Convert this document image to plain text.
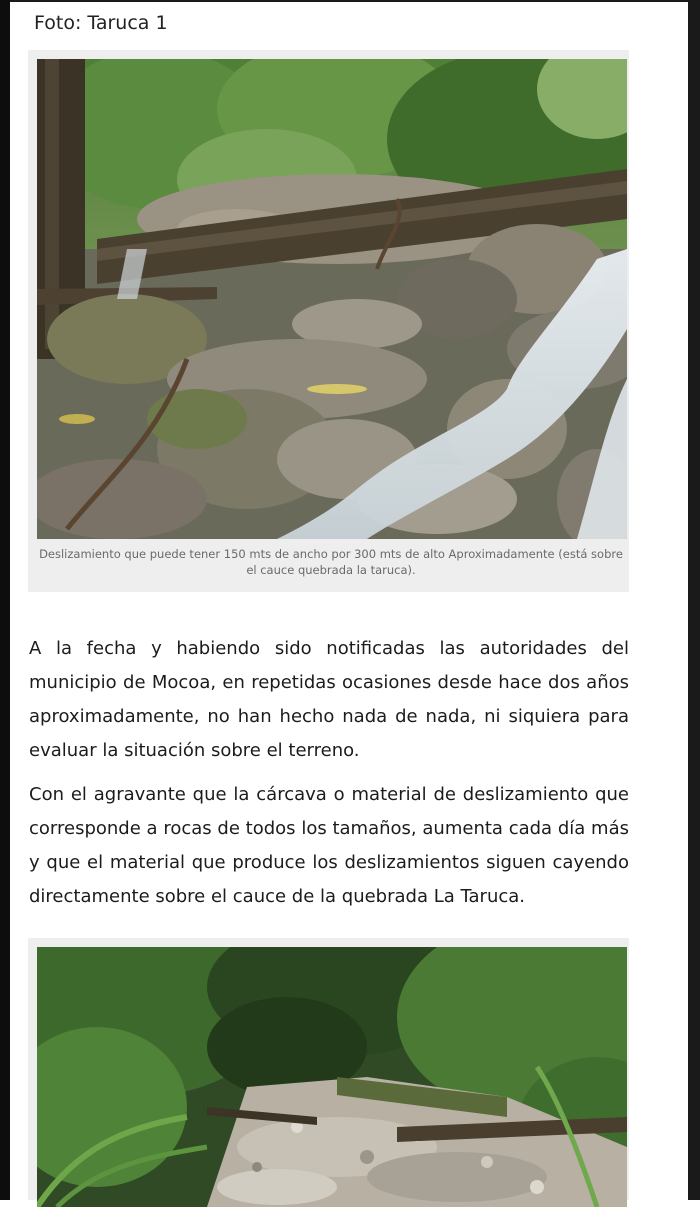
Foto: Taruca 1
Deslizamiento que puede tener 150 mts de ancho por 300 mts de alto Aproximadamente (está sobre el cauce quebrada la taruca).

A la fecha y habiendo sido notificadas las autoridades del municipio de Mocoa, en repetidas ocasiones desde hace dos años aproximadamente, no han hecho nada de nada, ni siquiera para evaluar la situación sobre el terreno.

Con el agravante que la cárcava o material de deslizamiento que corresponde a rocas de todos los tamaños, aumenta cada día más y que el material que produce los deslizamientos siguen cayendo directamente sobre el cauce de la quebrada La Taruca.
